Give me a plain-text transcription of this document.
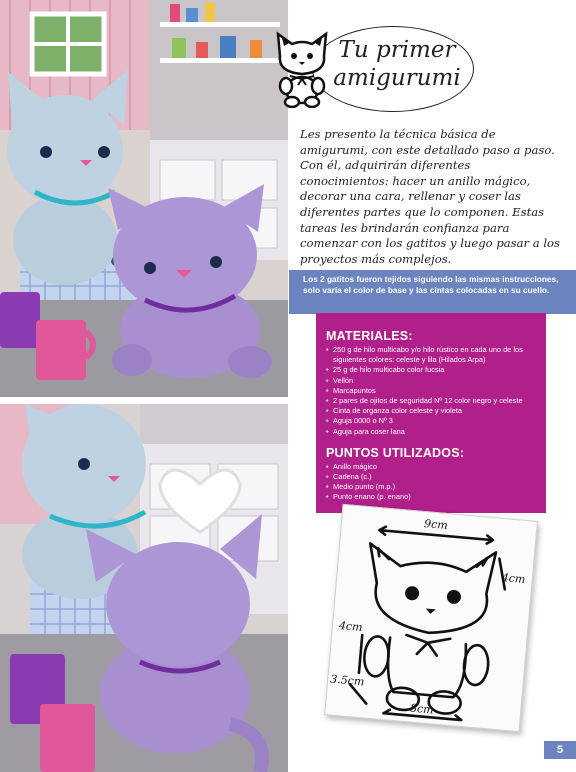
Tu primer
amigurumi

Les presento la técnica básica de amigurumi, con este detallado paso a paso. Con él, adquirirán diferentes conocimientos: hacer un anillo mágico, decorar una cara, rellenar y coser las diferentes partes que lo componen. Estas tareas les brindarán confianza para comenzar con los gatitos y luego pasar a los proyectos más complejos.

Los 2 gatitos fueron tejidos siguiendo las mismas instrucciones, solo varía el color de base y las cintas colocadas en su cuello.
MATERIALES:
• 250 g de hilo multicabo y/o hilo rústico en cada uno de los siguientes colores: celeste y lila (Hilados Arpa)
• 25 g de hilo multicabo color fucsia
• Vellón
• Marcapuntos
• 2 pares de ojitos de seguridad Nº 12 color negro y celeste
• Cinta de organza color celeste y violeta
• Aguja 0000 o Nº 3
• Aguja para coser lana
PUNTOS UTILIZADOS:
• Anillo mágico
• Cadena (c.)
• Medio punto (m.p.)
• Punto enano (p. enano)
9cm
4cm
4cm
3.5cm
8cm
5
